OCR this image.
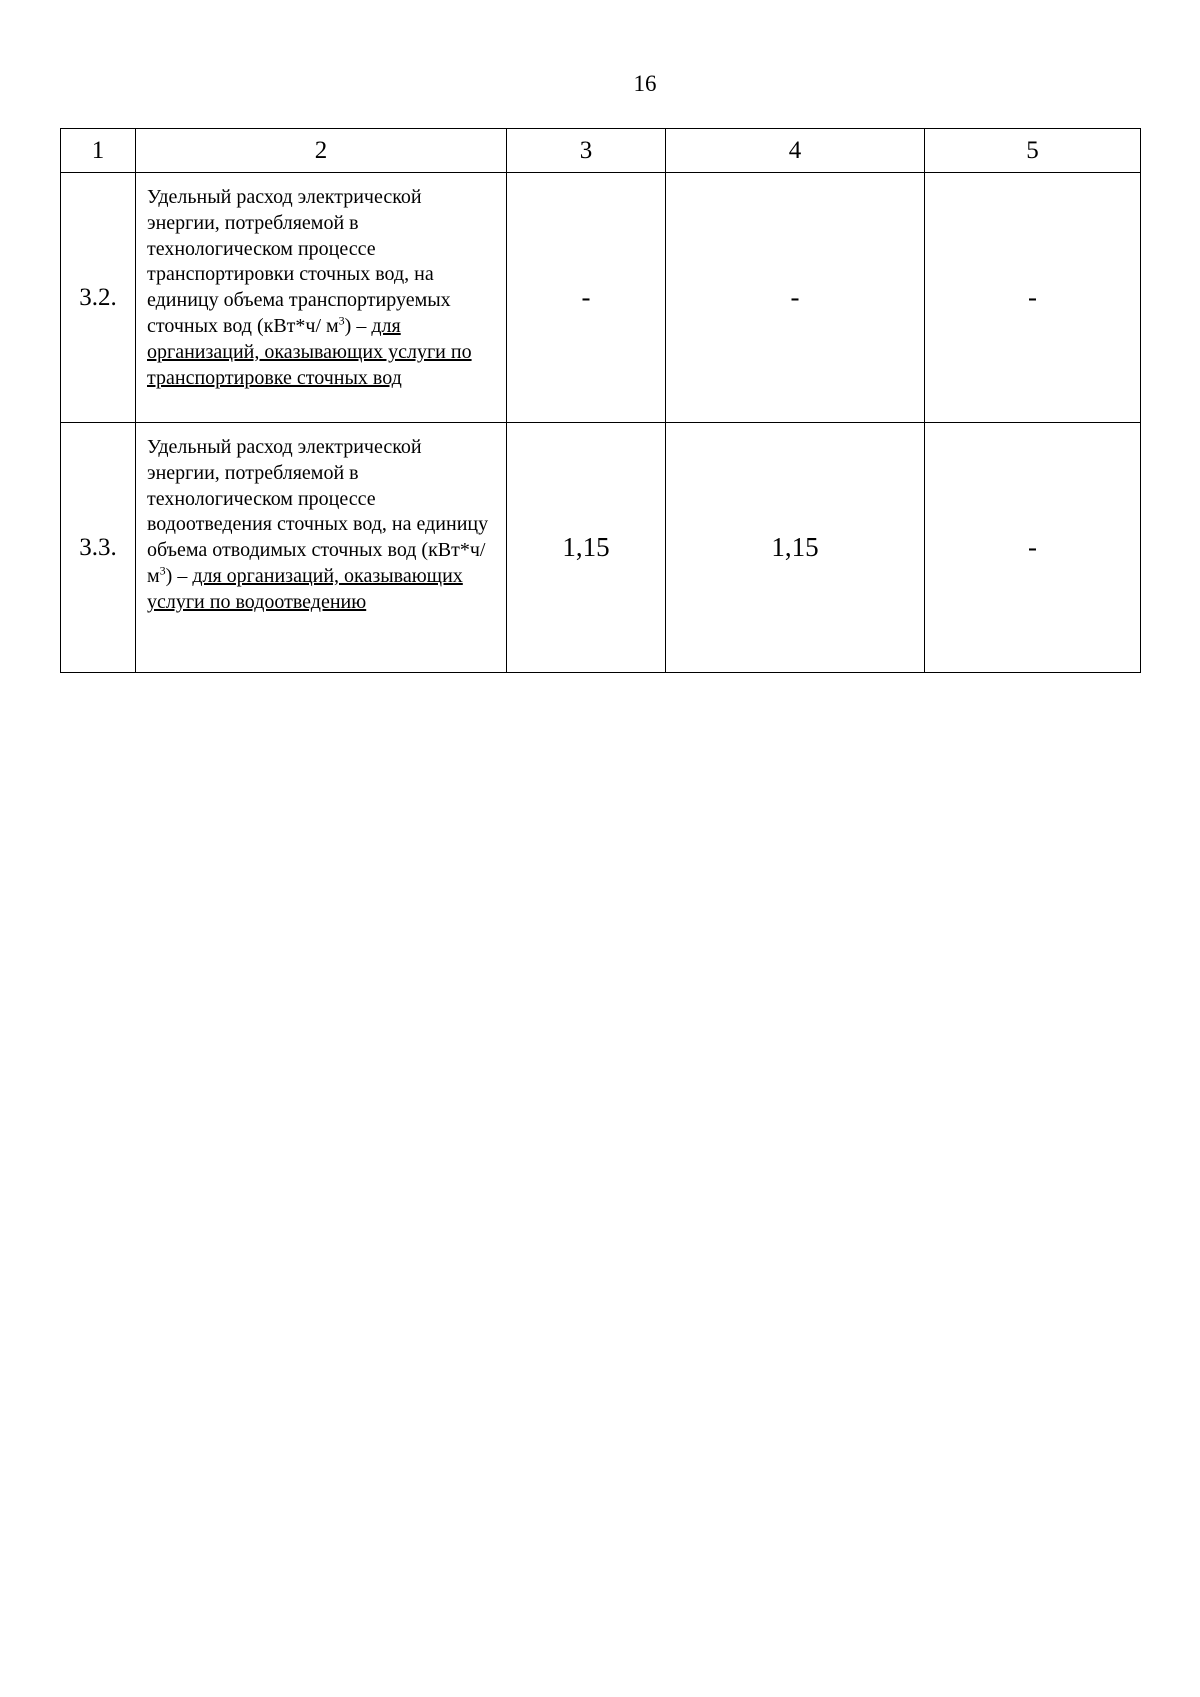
16
1	2	3	4	5
3.2.	Удельный расход электрической энергии, потребляемой в технологическом процессе транспортировки сточных вод, на единицу объема транспортируемых сточных вод (кВт*ч/ $м^3$) – для организаций, оказывающих услуги по транспортировке сточных вод	-	-	-
3.3.	Удельный расход электрической энергии, потребляемой в технологическом процессе водоотведения сточных вод, на единицу объема отводимых сточных вод (кВт*ч/ $м^3$) – для организаций, оказывающих услуги по водоотведению	1,15	1,15	-
